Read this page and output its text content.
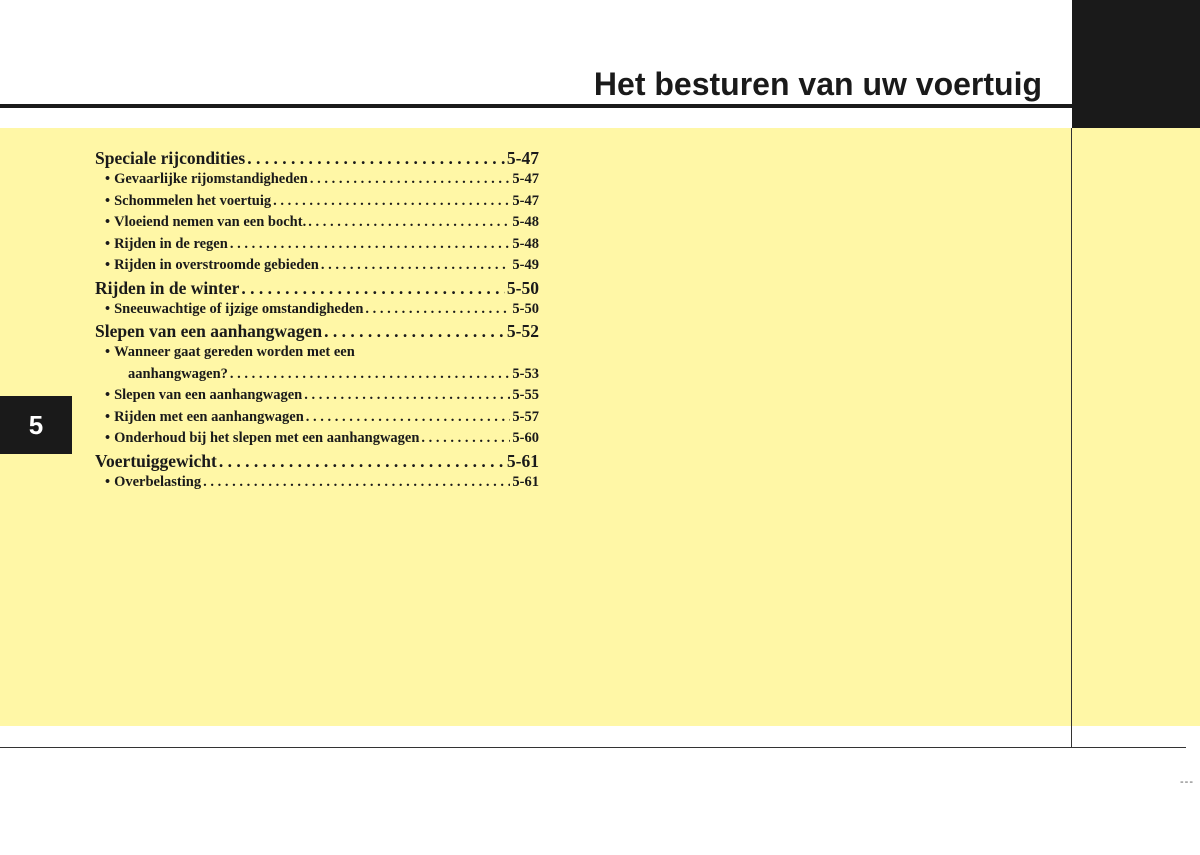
Het besturen van uw voertuig
5
---
Speciale rijcondities . . .	5-47
• Gevaarlijke rijomstandigheden . . .	5-47
• Schommelen het voertuig . . .	5-47
• Vloeiend nemen van een bocht. . . .	5-48
• Rijden in de regen . . .	5-48
• Rijden in overstroomde gebieden . . .	5-49
Rijden in de winter . . .	5-50
• Sneeuwachtige of ijzige omstandigheden . . .	5-50
Slepen van een aanhangwagen . . .	5-52
• Wanneer gaat gereden worden met een
aanhangwagen? . . .	5-53
• Slepen van een aanhangwagen . . .	5-55
• Rijden met een aanhangwagen . . .	5-57
• Onderhoud bij het slepen met een aanhangwagen . . .	5-60
Voertuiggewicht . . .	5-61
• Overbelasting . . .	5-61
